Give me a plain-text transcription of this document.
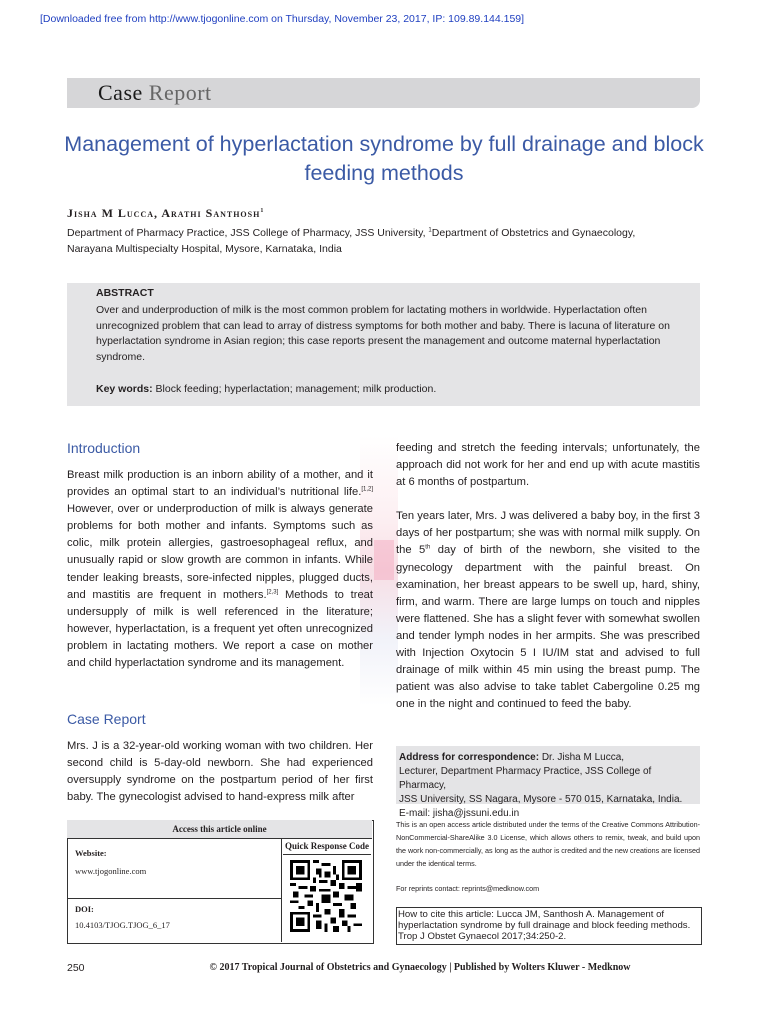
[Downloaded free from http://www.tjogonline.com on Thursday, November 23, 2017, IP: 109.89.144.159]
Case Report
Management of hyperlactation syndrome by full drainage and block feeding methods
Jisha M Lucca, Arathi Santhosh$^1$
Department of Pharmacy Practice, JSS College of Pharmacy, JSS University, $^1$Department of Obstetrics and Gynaecology,
Narayana Multispecialty Hospital, Mysore, Karnataka, India
ABSTRACT
Over and underproduction of milk is the most common problem for lactating mothers in worldwide. Hyperlactation often unrecognized problem that can lead to array of distress symptoms for both mother and baby. There is lacuna of literature on hyperlactation syndrome in Asian region; this case reports present the management and outcome maternal hyperlactation syndrome.
Key words: Block feeding; hyperlactation; management; milk production.
Introduction

Breast milk production is an inborn ability of a mother, and it provides an optimal start to an individual’s nutritional life.[1,2] However, over or underproduction of milk is always generate problems for both mother and infants. Symptoms such as colic, milk protein allergies, gastroesophageal reflux, and unusually rapid or slow growth are common in infants. While tender leaking breasts, sore-infected nipples, plugged ducts, and mastitis are frequent in mothers.[2,3] Methods to treat undersupply of milk is well referenced in the literature; however, hyperlactation, is a frequent yet often unrecognized problem in lactating mothers. We report a case on mother and child hyperlactation syndrome and its management.

Case Report

Mrs. J is a 32-year-old working woman with two children. Her second child is 5-day-old newborn. She had experienced oversupply syndrome on the postpartum period of her first baby. The gynecologist advised to hand-express milk after

feeding and stretch the feeding intervals; unfortunately, the approach did not work for her and end up with acute mastitis at 6 months of postpartum.

Ten years later, Mrs. J was delivered a baby boy, in the first 3 days of her postpartum; she was with normal milk supply. On the 5th day of birth of the newborn, she visited to the gynecology department with the painful breast. On examination, her breast appears to be swell up, hard, shiny, firm, and warm. There are large lumps on touch and nipples were flattened. She has a slight fever with somewhat swollen and tender lymph nodes in her armpits. She was prescribed with Injection Oxytocin 5 I IU/IM stat and advised to full drainage of milk within 45 min using the breast pump. The patient was also advise to take tablet Cabergoline 0.25 mg one in the night and continued to feed the baby.

Address for correspondence: Dr. Jisha M Lucca,
Lecturer, Department Pharmacy Practice, JSS College of Pharmacy,
JSS University, SS Nagara, Mysore - 570 015, Karnataka, India.
E-mail: jisha@jssuni.edu.in
Access this article online
Quick Response Code
Website:
www.tjogonline.com
DOI:
10.4103/TJOG.TJOG_6_17
This is an open access article distributed under the terms of the Creative Commons Attribution-NonCommercial-ShareAlike 3.0 License, which allows others to remix, tweak, and build upon the work non-commercially, as long as the author is credited and the new creations are licensed under the identical terms.
For reprints contact: reprints@medknow.com
How to cite this article: Lucca JM, Santhosh A. Management of hyperlactation syndrome by full drainage and block feeding methods. Trop J Obstet Gynaecol 2017;34:250-2.
250	© 2017 Tropical Journal of Obstetrics and Gynaecology | Published by Wolters Kluwer - Medknow
